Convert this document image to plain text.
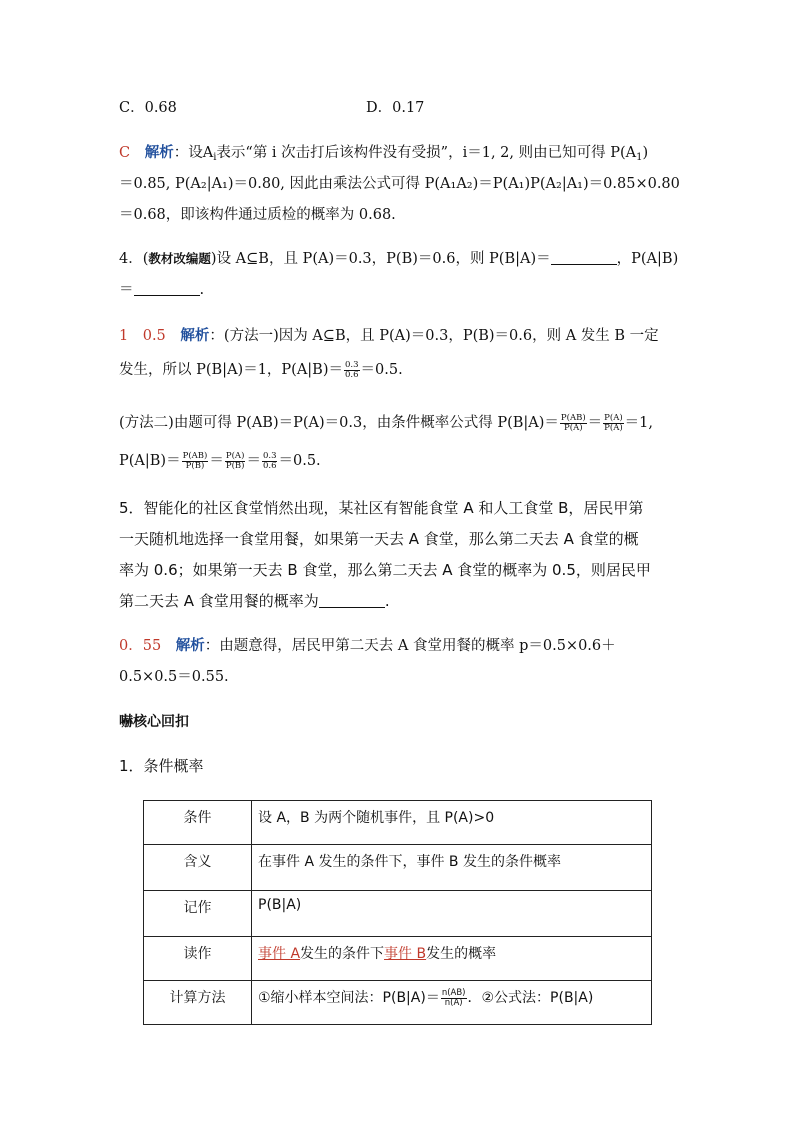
C．0.68	D．0.17
C 解析：设$A_i$表示“第 i 次击打后该构件没有受损”，i＝1, 2, 则由已知可得 $P(A_1)$
＝0.85, P(A₂|A₁)＝0.80, 因此由乘法公式可得 P(A₁A₂)＝P(A₁)P(A₂|A₁)＝0.85×0.80
＝0.68，即该构件通过质检的概率为 0.68.
4．(教材改编题)设 A⊆B，且 P(A)＝0.3，P(B)＝0.6，则 P(B|A)＝	，P(A|B)
＝	.
1　0.5 解析：(方法一)因为 A⊆B，且 P(A)＝0.3，P(B)＝0.6，则 A 发生 B 一定
发生，所以 P(B|A)＝1，$P(A|B)= \frac{0.3}{0.6} =0.5$.
(方法二)由题可得 P(AB)＝P(A)＝0.3，由条件概率公式得 $P(B|A)= \frac{P(AB)}{P(A)} = \frac{P(A)}{P(A)} =1$,
$P(A|B)= \frac{P(AB)}{P(B)} = \frac{P(A)}{P(B)} = \frac{0.3}{0.6} =0.5$.
5．智能化的社区食堂悄然出现，某社区有智能食堂 A 和人工食堂 B，居民甲第
一天随机地选择一食堂用餐，如果第一天去 A 食堂，那么第二天去 A 食堂的概
率为 0.6；如果第一天去 B 食堂，那么第二天去 A 食堂的概率为 0.5，则居民甲
第二天去 A 食堂用餐的概率为	.
0．55 解析：由题意得，居民甲第二天去 A 食堂用餐的概率 p＝0.5×0.6＋
0.5×0.5＝0.55.
嚇核心回扣
1．条件概率
条件	设 A，B 为两个随机事件，且 P(A)>0
含义	在事件 A 发生的条件下，事件 B 发生的条件概率
记作	P(B|A)
读作	事件 A发生的条件下事件 B发生的概率
计算方法	①缩小样本空间法：$P(B|A)= \frac{n(AB)}{n(A)}$ ．②公式法：P(B|A)
